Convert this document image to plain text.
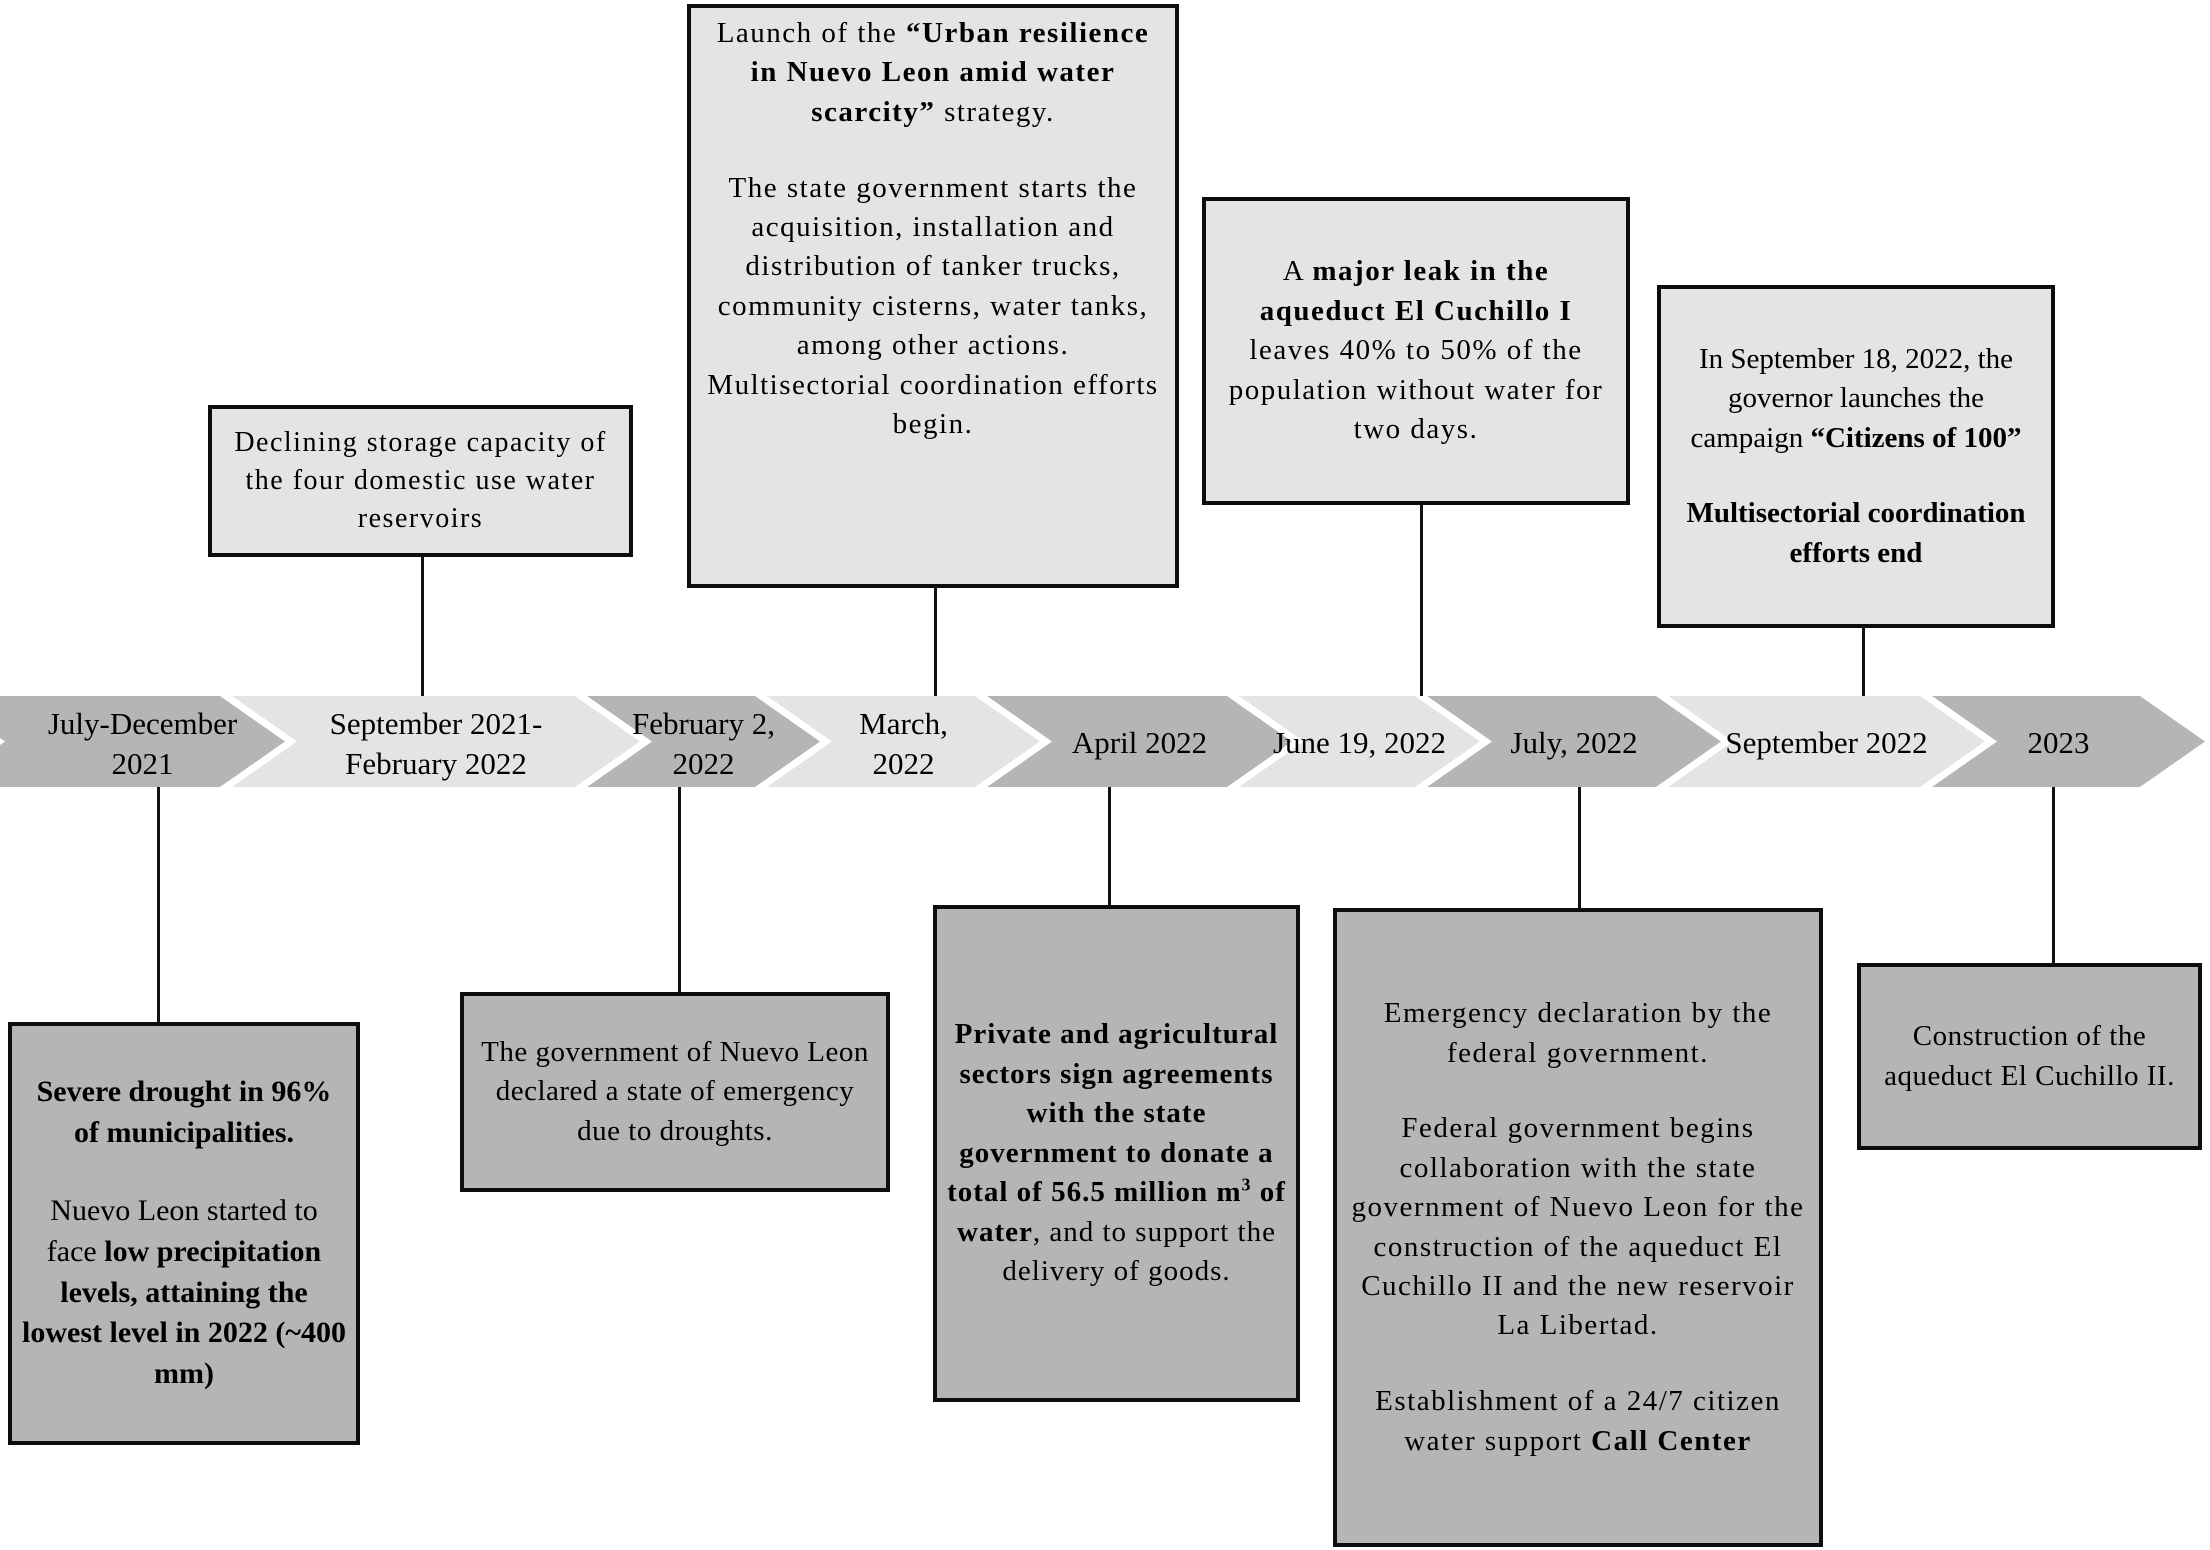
July-December 2021
September 2021-February 2022
February 2, 2022
March, 2022
April 2022 June 19, 2022 July, 2022	September 2022	2023

Declining storage capacity of the four domestic use water reservoirs

Launch of the “Urban resilience in Nuevo Leon amid water scarcity” strategy.

The state government starts the acquisition, installation and distribution of tanker trucks, community cisterns, water tanks, among other actions.

Multisectorial coordination efforts begin.

A major leak in the aqueduct El Cuchillo I leaves 40% to 50% of the population without water for two days.

In September 18, 2022, the governor launches the campaign “Citizens of 100”

Multisectorial coordination efforts end

Severe drought in 96% of municipalities.

Nuevo Leon started to face low precipitation levels, attaining the lowest level in 2022 (~400 mm)

The government of Nuevo Leon declared a state of emergency due to droughts.

Private and agricultural sectors sign agreements with the state government to donate a total of 56.5 million $m^3$ of water, and to support the delivery of goods.

Emergency declaration by the federal government.

Federal government begins collaboration with the state government of Nuevo Leon for the construction of the aqueduct El Cuchillo II and the new reservoir La Libertad.

Establishment of a 24/7 citizen water support Call Center

Construction of the aqueduct El Cuchillo II.
